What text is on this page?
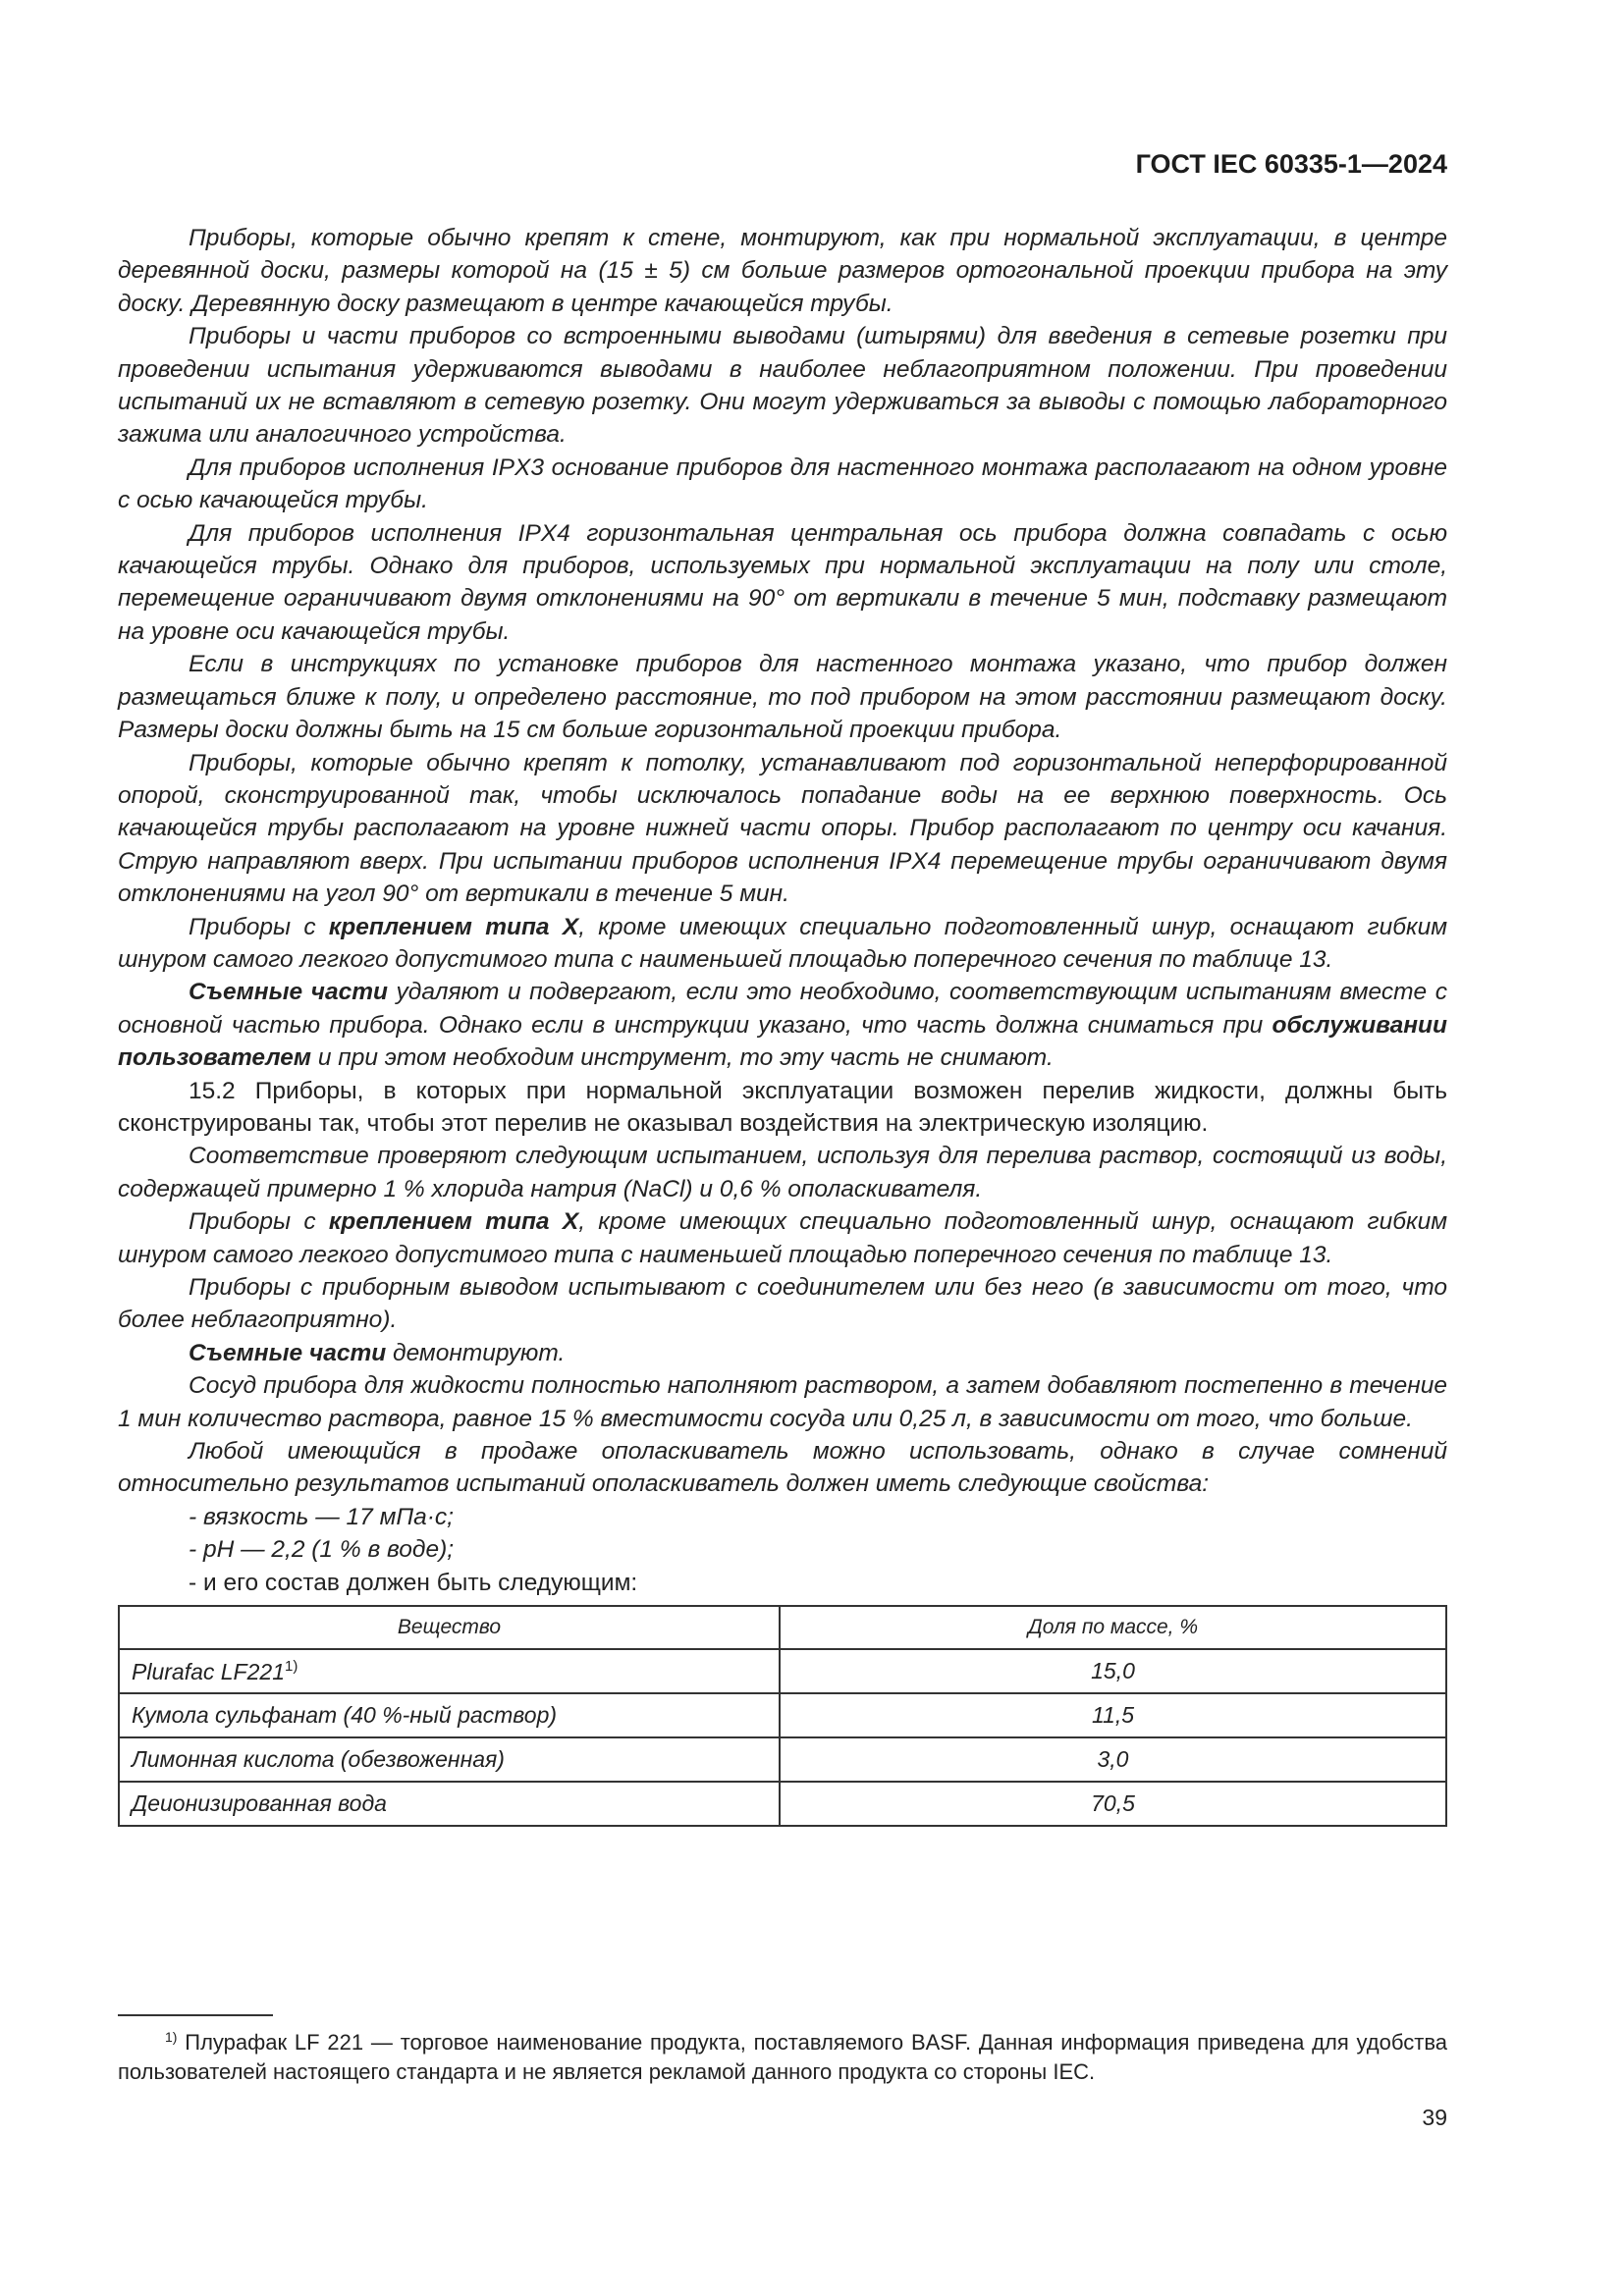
ГОСТ IEC 60335-1—2024

Приборы, которые обычно крепят к стене, монтируют, как при нормальной эксплуатации, в центре деревянной доски, размеры которой на (15 ± 5) см больше размеров ортогональной проекции прибора на эту доску. Деревянную доску размещают в центре качающейся трубы.

Приборы и части приборов со встроенными выводами (штырями) для введения в сетевые розетки при проведении испытания удерживаются выводами в наиболее неблагоприятном положении. При проведении испытаний их не вставляют в сетевую розетку. Они могут удерживаться за выводы с помощью лабораторного зажима или аналогичного устройства.

Для приборов исполнения IPX3 основание приборов для настенного монтажа располагают на одном уровне с осью качающейся трубы.

Для приборов исполнения IPX4 горизонтальная центральная ось прибора должна совпадать с осью качающейся трубы. Однако для приборов, используемых при нормальной эксплуатации на полу или столе, перемещение ограничивают двумя отклонениями на 90° от вертикали в течение 5 мин, подставку размещают на уровне оси качающейся трубы.

Если в инструкциях по установке приборов для настенного монтажа указано, что прибор должен размещаться ближе к полу, и определено расстояние, то под прибором на этом расстоянии размещают доску. Размеры доски должны быть на 15 см больше горизонтальной проекции прибора.

Приборы, которые обычно крепят к потолку, устанавливают под горизонтальной неперфорированной опорой, сконструированной так, чтобы исключалось попадание воды на ее верхнюю поверхность. Ось качающейся трубы располагают на уровне нижней части опоры. Прибор располагают по центру оси качания. Струю направляют вверх. При испытании приборов исполнения IPX4 перемещение трубы ограничивают двумя отклонениями на угол 90° от вертикали в течение 5 мин.

Приборы с креплением типа X, кроме имеющих специально подготовленный шнур, оснащают гибким шнуром самого легкого допустимого типа с наименьшей площадью поперечного сечения по таблице 13.

Съемные части удаляют и подвергают, если это необходимо, соответствующим испытаниям вместе с основной частью прибора. Однако если в инструкции указано, что часть должна сниматься при обслуживании пользователем и при этом необходим инструмент, то эту часть не снимают.

15.2 Приборы, в которых при нормальной эксплуатации возможен перелив жидкости, должны быть сконструированы так, чтобы этот перелив не оказывал воздействия на электрическую изоляцию.

Соответствие проверяют следующим испытанием, используя для перелива раствор, состоящий из воды, содержащей примерно 1 % хлорида натрия (NaCl) и 0,6 % ополаскивателя.

Приборы с креплением типа X, кроме имеющих специально подготовленный шнур, оснащают гибким шнуром самого легкого допустимого типа с наименьшей площадью поперечного сечения по таблице 13.

Приборы с приборным выводом испытывают с соединителем или без него (в зависимости от того, что более неблагоприятно).

Съемные части демонтируют.

Сосуд прибора для жидкости полностью наполняют раствором, а затем добавляют постепенно в течение 1 мин количество раствора, равное 15 % вместимости сосуда или 0,25 л, в зависимости от того, что больше.

Любой имеющийся в продаже ополаскиватель можно использовать, однако в случае сомнений относительно результатов испытаний ополаскиватель должен иметь следующие свойства:

- вязкость — 17 мПа·с;

- pH — 2,2 (1 % в воде);

- и его состав должен быть следующим:

Вещество	Доля по массе, %
Plurafac LF221$^{1)}$	15,0
Кумола сульфанат (40 %-ный раствор)	11,5
Лимонная кислота (обезвоженная)	3,0
Деионизированная вода	70,5
$^{1)}$ Плурафак LF 221 — торговое наименование продукта, поставляемого BASF. Данная информация приведена для удобства пользователей настоящего стандарта и не является рекламой данного продукта со стороны IEC.
39
